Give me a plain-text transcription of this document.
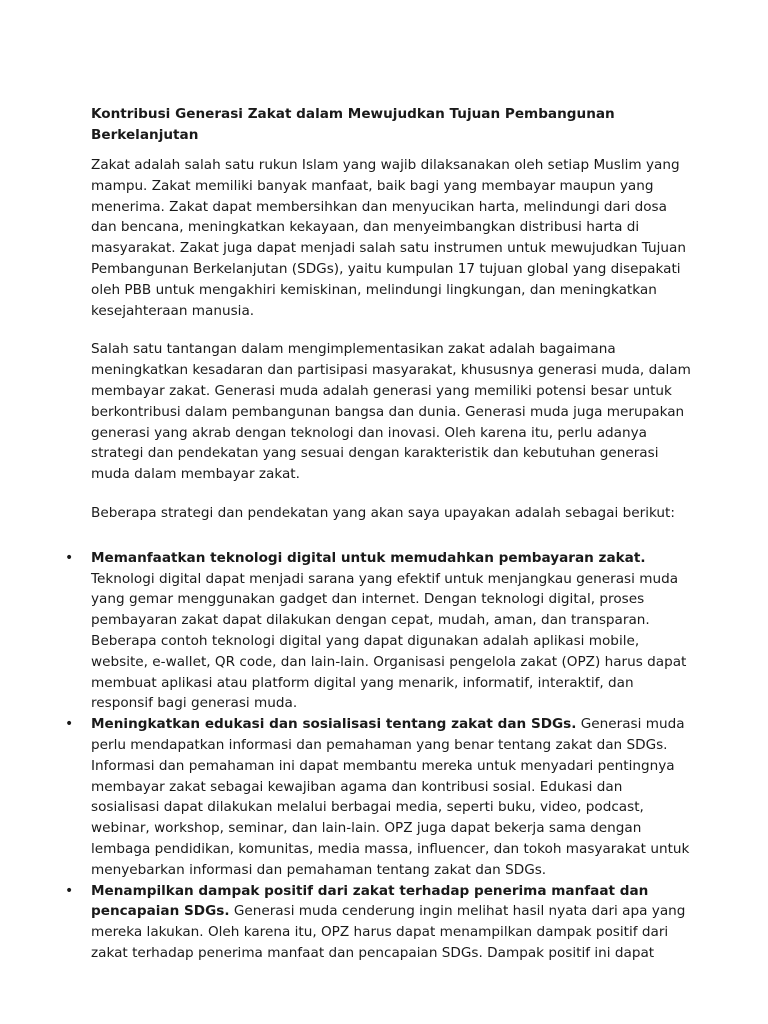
Kontribusi Generasi Zakat dalam Mewujudkan Tujuan Pembangunan Berkelanjutan

Zakat adalah salah satu rukun Islam yang wajib dilaksanakan oleh setiap Muslim yang mampu. Zakat memiliki banyak manfaat, baik bagi yang membayar maupun yang menerima. Zakat dapat membersihkan dan menyucikan harta, melindungi dari dosa dan bencana, meningkatkan kekayaan, dan menyeimbangkan distribusi harta di masyarakat. Zakat juga dapat menjadi salah satu instrumen untuk mewujudkan Tujuan Pembangunan Berkelanjutan (SDGs), yaitu kumpulan 17 tujuan global yang disepakati oleh PBB untuk mengakhiri kemiskinan, melindungi lingkungan, dan meningkatkan kesejahteraan manusia.

Salah satu tantangan dalam mengimplementasikan zakat adalah bagaimana meningkatkan kesadaran dan partisipasi masyarakat, khususnya generasi muda, dalam membayar zakat. Generasi muda adalah generasi yang memiliki potensi besar untuk berkontribusi dalam pembangunan bangsa dan dunia. Generasi muda juga merupakan generasi yang akrab dengan teknologi dan inovasi. Oleh karena itu, perlu adanya strategi dan pendekatan yang sesuai dengan karakteristik dan kebutuhan generasi muda dalam membayar zakat.

Beberapa strategi dan pendekatan yang akan saya upayakan adalah sebagai berikut:

• Memanfaatkan teknologi digital untuk memudahkan pembayaran zakat. Teknologi digital dapat menjadi sarana yang efektif untuk menjangkau generasi muda yang gemar menggunakan gadget dan internet. Dengan teknologi digital, proses pembayaran zakat dapat dilakukan dengan cepat, mudah, aman, dan transparan. Beberapa contoh teknologi digital yang dapat digunakan adalah aplikasi mobile, website, e-wallet, QR code, dan lain-lain. Organisasi pengelola zakat (OPZ) harus dapat membuat aplikasi atau platform digital yang menarik, informatif, interaktif, dan responsif bagi generasi muda.
• Meningkatkan edukasi dan sosialisasi tentang zakat dan SDGs. Generasi muda perlu mendapatkan informasi dan pemahaman yang benar tentang zakat dan SDGs. Informasi dan pemahaman ini dapat membantu mereka untuk menyadari pentingnya membayar zakat sebagai kewajiban agama dan kontribusi sosial. Edukasi dan sosialisasi dapat dilakukan melalui berbagai media, seperti buku, video, podcast, webinar, workshop, seminar, dan lain-lain. OPZ juga dapat bekerja sama dengan lembaga pendidikan, komunitas, media massa, influencer, dan tokoh masyarakat untuk menyebarkan informasi dan pemahaman tentang zakat dan SDGs.
• Menampilkan dampak positif dari zakat terhadap penerima manfaat dan pencapaian SDGs. Generasi muda cenderung ingin melihat hasil nyata dari apa yang mereka lakukan. Oleh karena itu, OPZ harus dapat menampilkan dampak positif dari zakat terhadap penerima manfaat dan pencapaian SDGs. Dampak positif ini dapat
